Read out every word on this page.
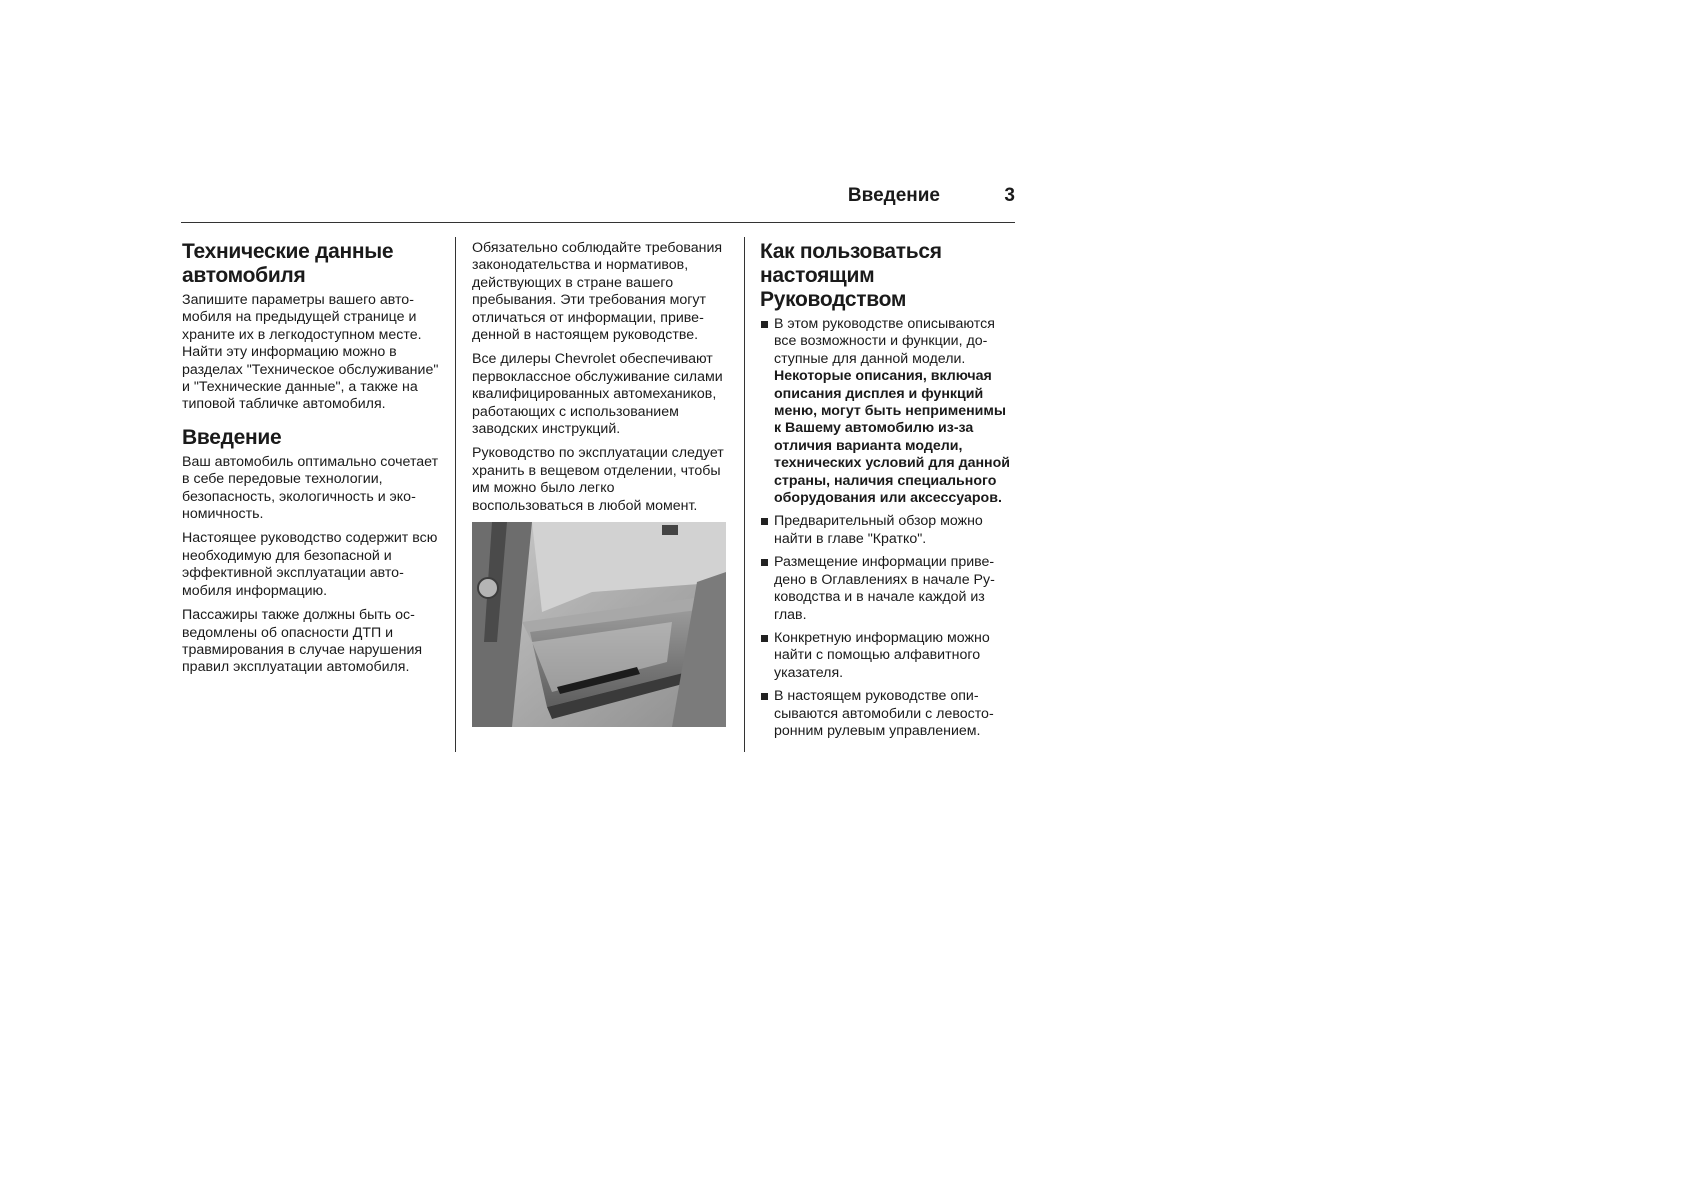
Введение	3
Технические данные автомобиля

Запишите параметры вашего автомобиля на предыдущей странице и храните их в легкодоступном месте. Найти эту информацию можно в разделах "Техническое обслуживание" и "Технические данные", а также на типовой табличке автомобиля.

Введение

Ваш автомобиль оптимально сочетает в себе передовые технологии, безопасность, экологичность и экономичность.

Настоящее руководство содержит всю необходимую для безопасной и эффективной эксплуатации автомобиля информацию.

Пассажиры также должны быть осведомлены об опасности ДТП и травмирования в случае нарушения правил эксплуатации автомобиля.

Обязательно соблюдайте требования законодательства и нормативов, действующих в стране вашего пребывания. Эти требования могут отличаться от информации, приведенной в настоящем руководстве.

Все дилеры Chevrolet обеспечивают первоклассное обслуживание силами квалифицированных автомехаников, работающих с использованием заводских инструкций.

Руководство по эксплуатации следует хранить в вещевом отделении, чтобы им можно было легко воспользоваться в любой момент.

Как пользоваться настоящим Руководством
В этом руководстве описываются все возможности и функции, доступные для данной модели. Некоторые описания, включая описания дисплея и функций меню, могут быть неприменимы к Вашему автомобилю из-за отличия варианта модели, технических условий для данной страны, наличия специального оборудования или аксессуаров.
Предварительный обзор можно найти в главе "Кратко".
Размещение информации приведено в Оглавлениях в начале Руководства и в начале каждой из глав.
Конкретную информацию можно найти с помощью алфавитного указателя.
В настоящем руководстве описываются автомобили с левосторонним рулевым управлением.
